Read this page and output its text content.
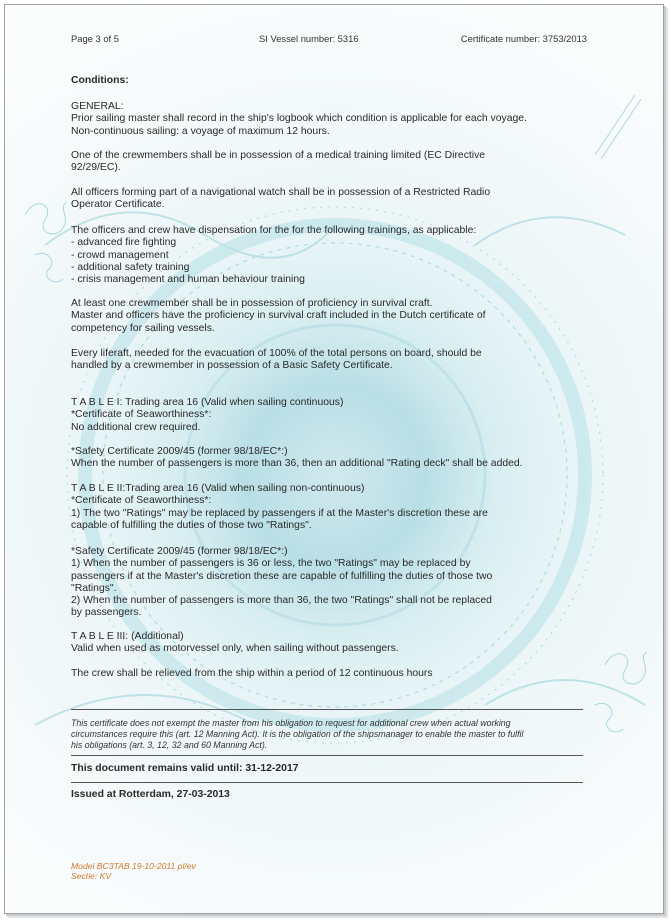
Page 3 of 5	SI Vessel number: 5316	Certificate number: 3753/2013
Conditions:
GENERAL:
Prior sailing master shall record in the ship's logbook which condition is applicable for each voyage.
Non-continuous sailing: a voyage of maximum 12 hours.
One of the crewmembers shall be in possession of a medical training limited (EC Directive
92/29/EC).
All officers forming part of a navigational watch shall be in possession of a Restricted Radio
Operator Certificate.
The officers and crew have dispensation for the for the following trainings, as applicable:
- advanced fire fighting
- crowd management
- additional safety training
- crisis management and human behaviour training
At least one crewmember shall be in possession of proficiency in survival craft.
Master and officers have the proficiency in survival craft included in the Dutch certificate of
competency for sailing vessels.
Every liferaft, needed for the evacuation of 100% of the total persons on board, should be
handled by a crewmember in possession of a Basic Safety Certificate.
T A B L E I: Trading area 16 (Valid when sailing continuous)
*Certificate of Seaworthiness*:
No additional crew required.
*Safety Certificate 2009/45 (former 98/18/EC*:)
When the number of passengers is more than 36, then an additional "Rating deck" shall be added.
T A B L E II:Trading area 16 (Valid when sailing non-continuous)
*Certificate of Seaworthiness*:
1) The two "Ratings" may be replaced by passengers if at the Master's discretion these are
capable of fulfilling the duties of those two "Ratings".
*Safety Certificate 2009/45 (former 98/18/EC*:)
1) When the number of passengers is 36 or less, the two "Ratings" may be replaced by
passengers if at the Master's discretion these are capable of fulfilling the duties of those two
"Ratings".
2) When the number of passengers is more than 36, the two "Ratings" shall not be replaced
by passengers.
T A B L E III: (Additional)
Valid when used as motorvessel only, when sailing without passengers.
The crew shall be relieved from the ship within a period of 12 continuous hours
This certificate does not exempt the master from his obligation to request for additional crew when actual working
circumstances require this (art. 12 Manning Act). It is the obligation of the shipsmanager to enable the master to fulfil
his obligations (art. 3, 12, 32 and 60 Manning Act).
This document remains valid until: 31-12-2017
Issued at Rotterdam, 27-03-2013
Model BC3TAB 19-10-2011 pl/ev
Sectie: KV
